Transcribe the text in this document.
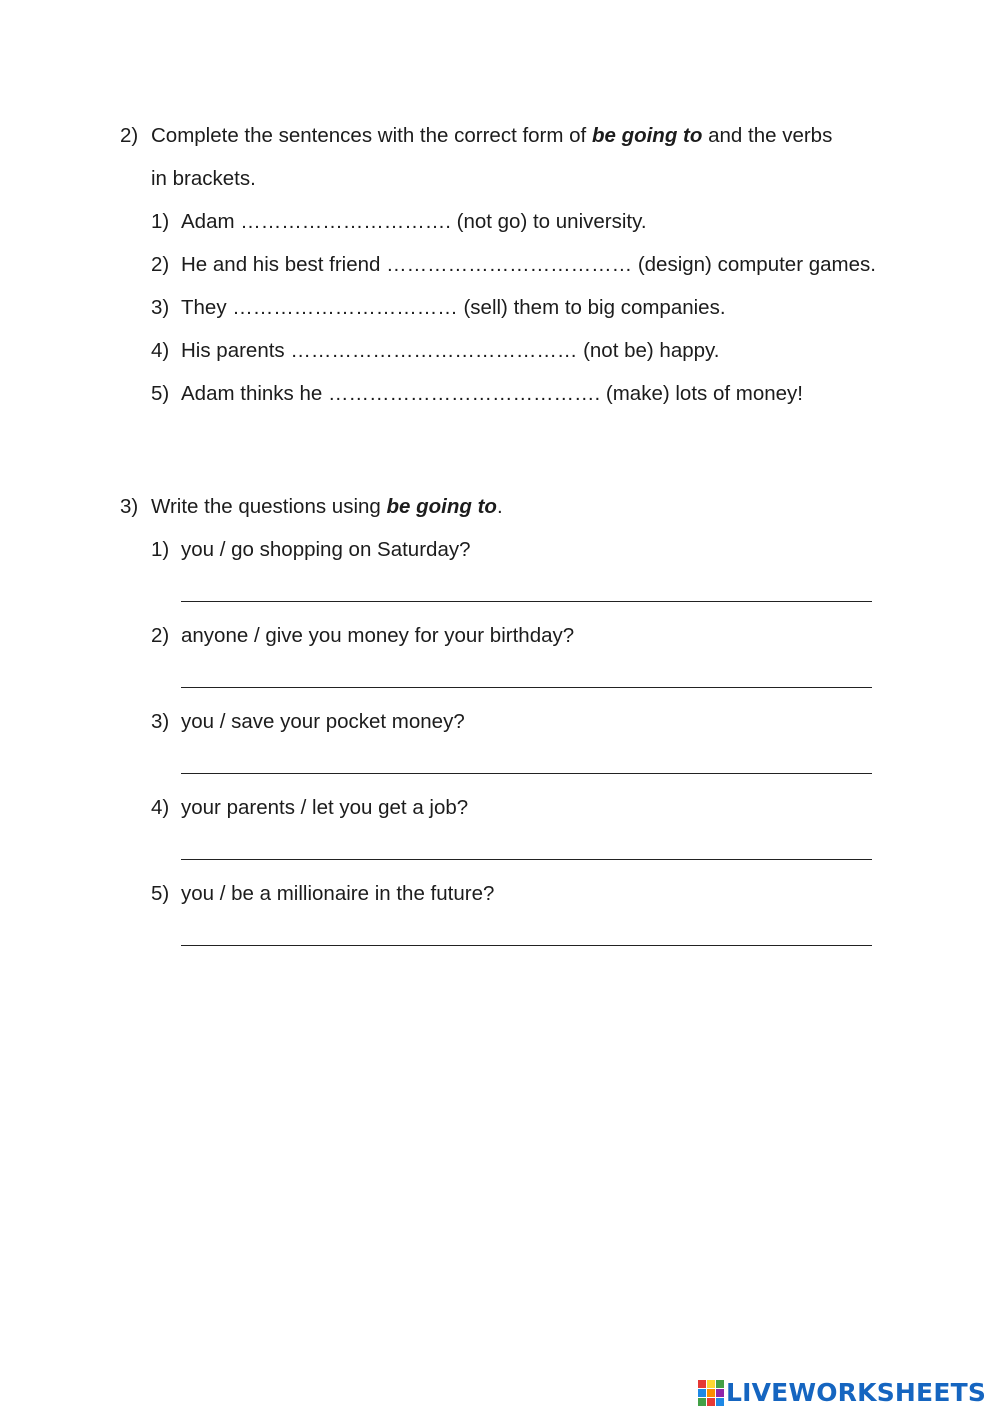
2) Complete the sentences with the correct form of be going to and the verbs
in brackets.
1) Adam …………………………. (not go) to university.
2) He and his best friend ……………………………… (design) computer games.
3) They …………………………… (sell) them to big companies.
4) His parents …………………………………… (not be) happy.
5) Adam thinks he …………………………………. (make) lots of money!
3) Write the questions using be going to.
1) you / go shopping on Saturday?
2) anyone / give you money for your birthday?
3) you / save your pocket money?
4) your parents / let you get a job?
5) you / be a millionaire in the future?
LIVEWORKSHEETS
